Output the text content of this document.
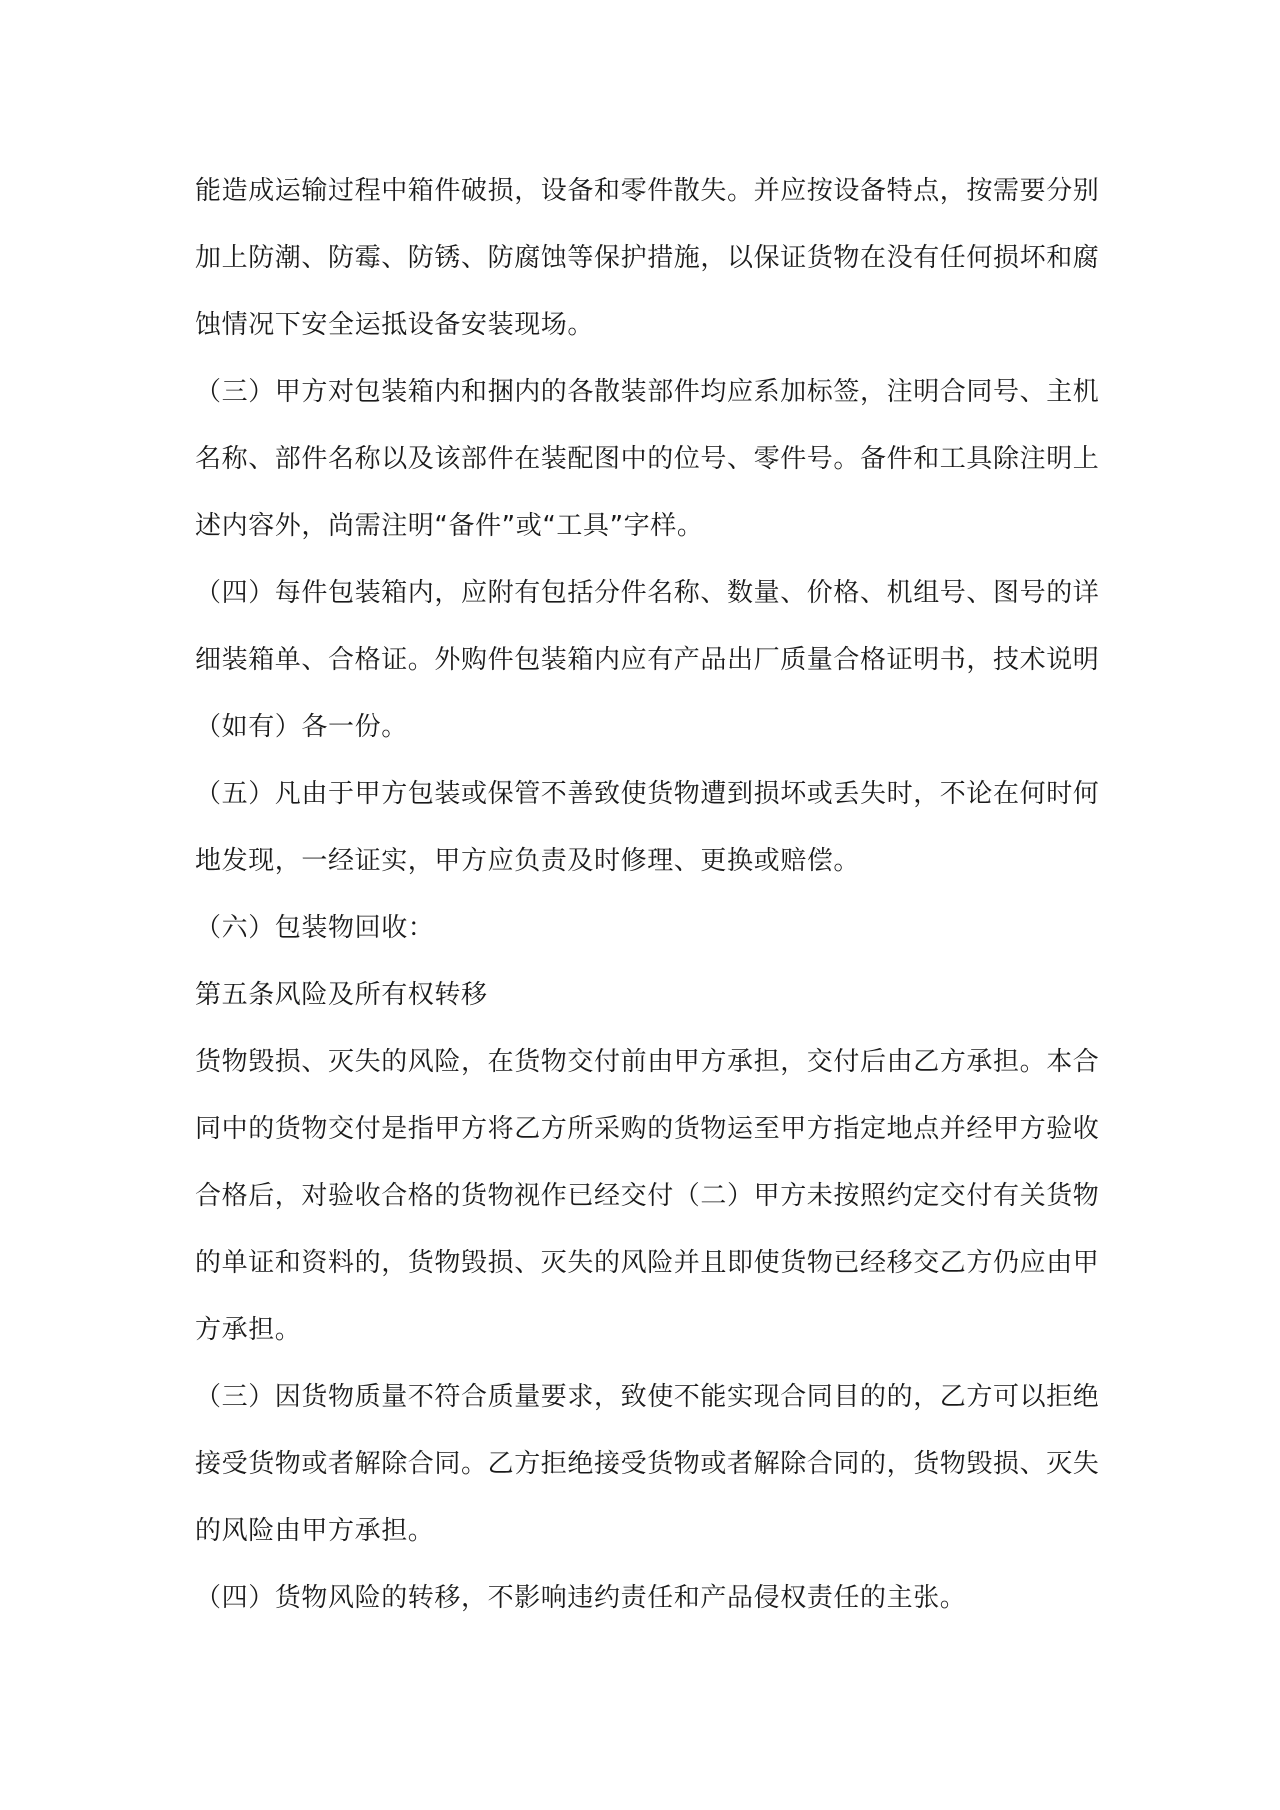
能造成运输过程中箱件破损，设备和零件散失。并应按设备特点，按需要分别
加上防潮、防霉、防锈、防腐蚀等保护措施，以保证货物在没有任何损坏和腐
蚀情况下安全运抵设备安装现场。
（三）甲方对包装箱内和捆内的各散装部件均应系加标签，注明合同号、主机
名称、部件名称以及该部件在装配图中的位号、零件号。备件和工具除注明上
述内容外，尚需注明“备件”或“工具”字样。
（四）每件包装箱内，应附有包括分件名称、数量、价格、机组号、图号的详
细装箱单、合格证。外购件包装箱内应有产品出厂质量合格证明书，技术说明
（如有）各一份。
（五）凡由于甲方包装或保管不善致使货物遭到损坏或丢失时，不论在何时何
地发现，一经证实，甲方应负责及时修理、更换或赔偿。
（六）包装物回收：
第五条风险及所有权转移
货物毁损、灭失的风险，在货物交付前由甲方承担，交付后由乙方承担。本合
同中的货物交付是指甲方将乙方所采购的货物运至甲方指定地点并经甲方验收
合格后，对验收合格的货物视作已经交付（二）甲方未按照约定交付有关货物
的单证和资料的，货物毁损、灭失的风险并且即使货物已经移交乙方仍应由甲
方承担。
（三）因货物质量不符合质量要求，致使不能实现合同目的的，乙方可以拒绝
接受货物或者解除合同。乙方拒绝接受货物或者解除合同的，货物毁损、灭失
的风险由甲方承担。
（四）货物风险的转移，不影响违约责任和产品侵权责任的主张。
